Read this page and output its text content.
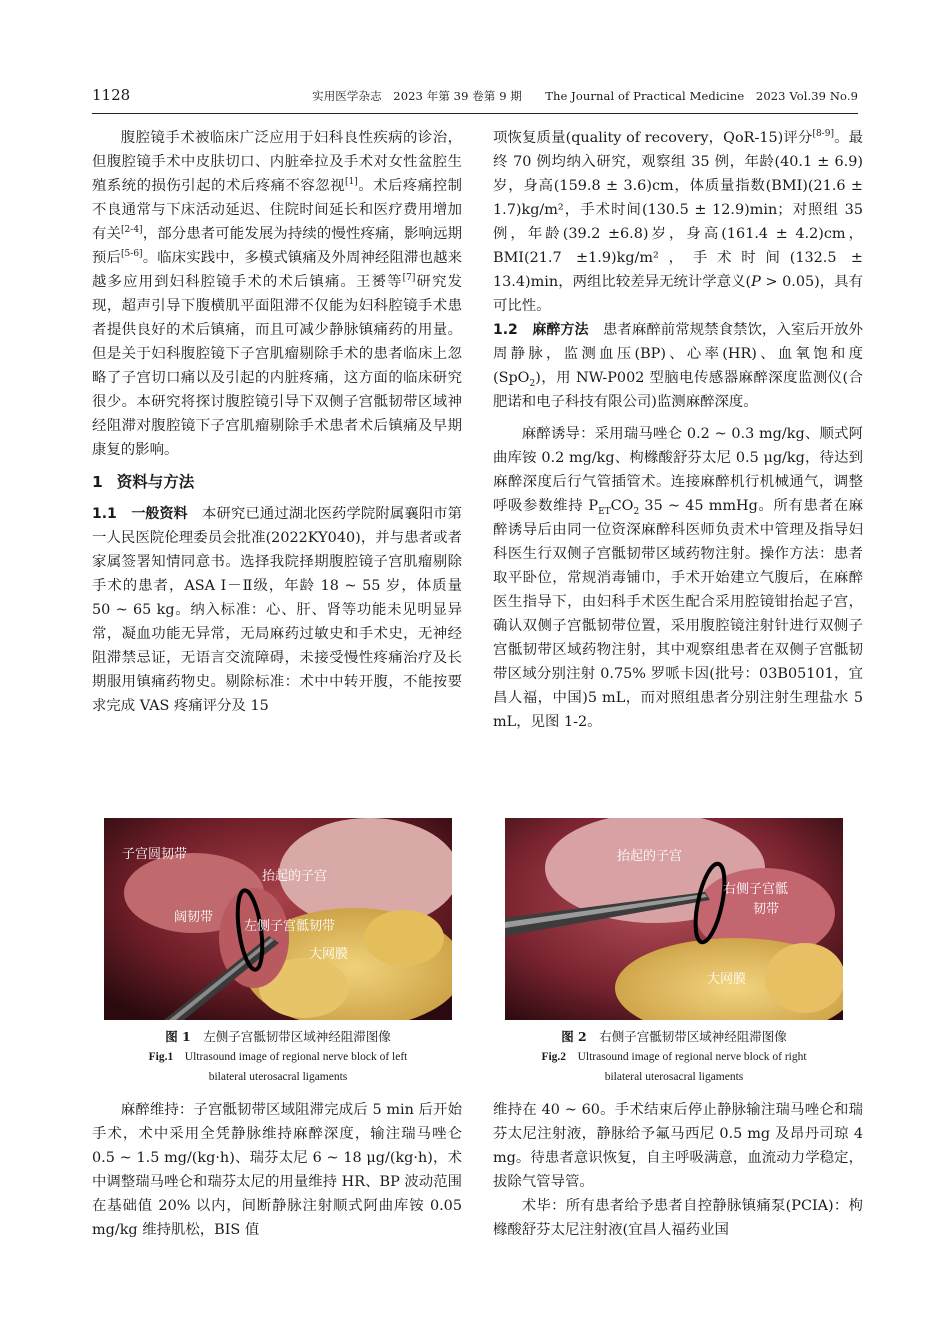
1128	实用医学杂志　2023 年第 39 卷第 9 期　　The Journal of Practical Medicine　2023 Vol.39 No.9

腹腔镜手术被临床广泛应用于妇科良性疾病的诊治，但腹腔镜手术中皮肤切口、内脏牵拉及手术对女性盆腔生殖系统的损伤引起的术后疼痛不容忽视[1]。术后疼痛控制不良通常与下床活动延迟、住院时间延长和医疗费用增加有关[2-4]，部分患者可能发展为持续的慢性疼痛，影响远期预后[5-6]。临床实践中，多模式镇痛及外周神经阻滞也越来越多应用到妇科腔镜手术的术后镇痛。王赟等[7]研究发现，超声引导下腹横肌平面阻滞不仅能为妇科腔镜手术患者提供良好的术后镇痛，而且可减少静脉镇痛药的用量。但是关于妇科腹腔镜下子宫肌瘤剔除手术的患者临床上忽略了子宫切口痛以及引起的内脏疼痛，这方面的临床研究很少。本研究将探讨腹腔镜引导下双侧子宫骶韧带区域神经阻滞对腹腔镜下子宫肌瘤剔除手术患者术后镇痛及早期康复的影响。

1 资料与方法

1.1　 一般资料　 本研究已通过湖北医药学院附属襄阳市第一人民医院伦理委员会批准(2022KY040)，并与患者或者家属签署知情同意书。选择我院择期腹腔镜子宫肌瘤剔除手术的患者，ASA Ⅰ－Ⅱ级，年龄 18 ~ 55 岁，体质量 50 ~ 65 kg。纳入标准：心、肝、肾等功能未见明显异常，凝血功能无异常，无局麻药过敏史和手术史，无神经阻滞禁忌证，无语言交流障碍，未接受慢性疼痛治疗及长期服用镇痛药物史。剔除标准：术中中转开腹，不能按要求完成 VAS 疼痛评分及 15

项恢复质量(quality of recovery，QoR-15)评分[8-9]。最终 70 例均纳入研究，观察组 35 例，年龄(40.1 ± 6.9)岁，身高(159.8 ± 3.6)cm，体质量指数(BMI)(21.6 ± 1.7)kg/m²，手术时间(130.5 ± 12.9)min；对照组 35 例，年龄(39.2 ±6.8)岁，身高(161.4 ± 4.2)cm，BMI(21.7 ±1.9)kg/m²，手术时间(132.5 ± 13.4)min，两组比较差异无统计学意义(P > 0.05)，具有可比性。

1.2　 麻醉方法　 患者麻醉前常规禁食禁饮，入室后开放外周静脉，监测血压(BP)、心率(HR)、血氧饱和度(SpO$_2$)，用 NW-P002 型脑电传感器麻醉深度监测仪(合肥诺和电子科技有限公司)监测麻醉深度。

麻醉诱导：采用瑞马唑仑 0.2 ~ 0.3 mg/kg、顺式阿曲库铵 0.2 mg/kg、枸橼酸舒芬太尼 0.5 μg/kg，待达到麻醉深度后行气管插管术。连接麻醉机行机械通气，调整呼吸参数维持 $P_{ET}CO_2$ 35 ~ 45 mmHg。所有患者在麻醉诱导后由同一位资深麻醉科医师负责术中管理及指导妇科医生行双侧子宫骶韧带区域药物注射。操作方法：患者取平卧位，常规消毒铺巾，手术开始建立气腹后，在麻醉医生指导下，由妇科手术医生配合采用腔镜钳抬起子宫，确认双侧子宫骶韧带位置，采用腹腔镜注射针进行双侧子宫骶韧带区域药物注射，其中观察组患者在双侧子宫骶韧带区域分别注射 0.75% 罗哌卡因(批号：03B05101，宜昌人福，中国)5 mL，而对照组患者分别注射生理盐水 5 mL，见图 1-2。

子宫圆韧带
抬起的子宫
阔韧带
左侧子宫骶韧带
大网膜
图 1　 左侧子宫骶韧带区域神经阻滞图像
Fig.1　 Ultrasound image of regional nerve block of left
bilateral uterosacral ligaments
抬起的子宫
右侧子宫骶
韧带
大网膜
图 2　 右侧子宫骶韧带区域神经阻滞图像
Fig.2　 Ultrasound image of regional nerve block of right
bilateral uterosacral ligaments

麻醉维持：子宫骶韧带区域阻滞完成后 5 min 后开始手术，术中采用全凭静脉维持麻醉深度，输注瑞马唑仑 0.5 ~ 1.5 mg/(kg·h)、瑞芬太尼 6 ~ 18 μg/(kg·h)，术中调整瑞马唑仑和瑞芬太尼的用量维持 HR、BP 波动范围在基础值 20% 以内，间断静脉注射顺式阿曲库铵 0.05 mg/kg 维持肌松，BIS 值

维持在 40 ~ 60。手术结束后停止静脉输注瑞马唑仑和瑞芬太尼注射液，静脉给予氟马西尼 0.5 mg 及昂丹司琼 4 mg。待患者意识恢复，自主呼吸满意，血流动力学稳定，拔除气管导管。

术毕：所有患者给予患者自控静脉镇痛泵(PCIA)：枸橼酸舒芬太尼注射液(宜昌人福药业国
